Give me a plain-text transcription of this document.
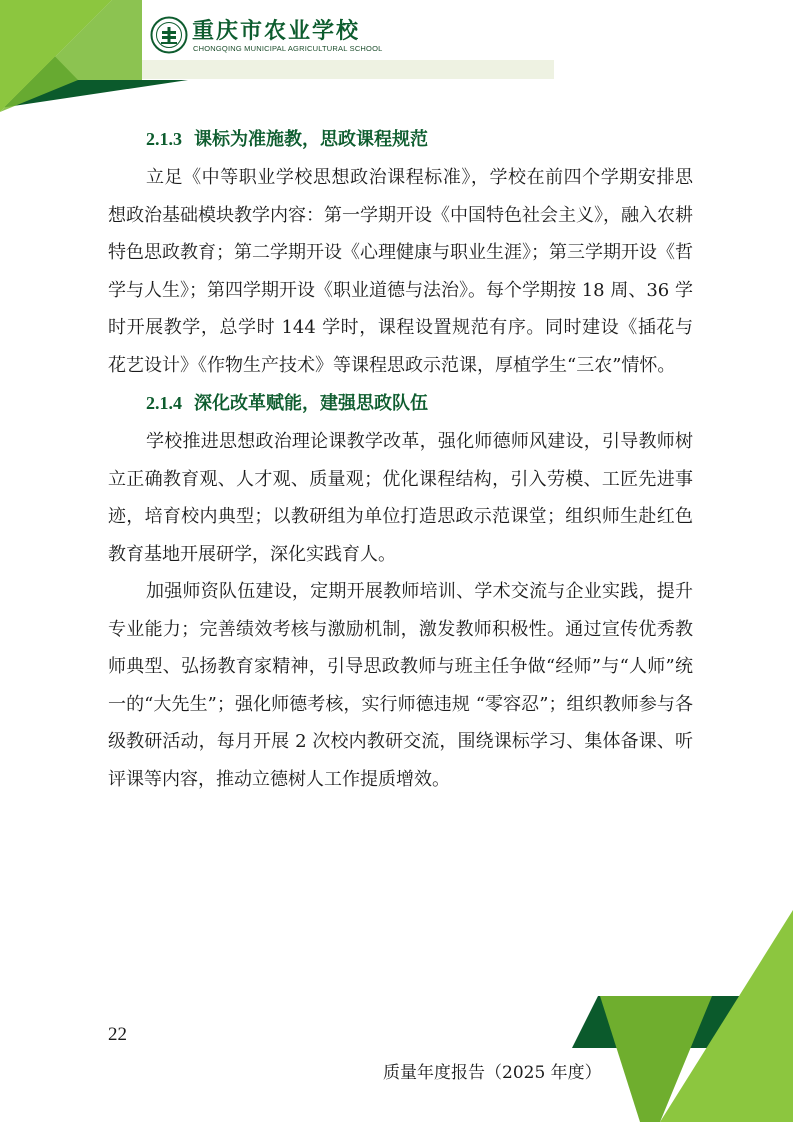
重庆市农业学校
CHONGQING MUNICIPAL AGRICULTURAL SCHOOL
2.1.3 课标为准施教，思政课程规范

立足《中等职业学校思想政治课程标准》，学校在前四个学期安排思想政治基础模块教学内容：第一学期开设《中国特色社会主义》，融入农耕特色思政教育；第二学期开设《心理健康与职业生涯》；第三学期开设《哲学与人生》；第四学期开设《职业道德与法治》。每个学期按 18 周、36 学时开展教学，总学时 144 学时，课程设置规范有序。同时建设《插花与花艺设计》《作物生产技术》等课程思政示范课，厚植学生“三农”情怀。

2.1.4 深化改革赋能，建强思政队伍

学校推进思想政治理论课教学改革，强化师德师风建设，引导教师树立正确教育观、人才观、质量观；优化课程结构，引入劳模、工匠先进事迹，培育校内典型；以教研组为单位打造思政示范课堂；组织师生赴红色教育基地开展研学，深化实践育人。

加强师资队伍建设，定期开展教师培训、学术交流与企业实践，提升专业能力；完善绩效考核与激励机制，激发教师积极性。通过宣传优秀教师典型、弘扬教育家精神，引导思政教师与班主任争做“经师”与“人师”统一的“大先生”；强化师德考核，实行师德违规 “零容忍”；组织教师参与各级教研活动，每月开展 2 次校内教研交流，围绕课标学习、集体备课、听评课等内容，推动立德树人工作提质增效。

22
质量年度报告（2025 年度）
